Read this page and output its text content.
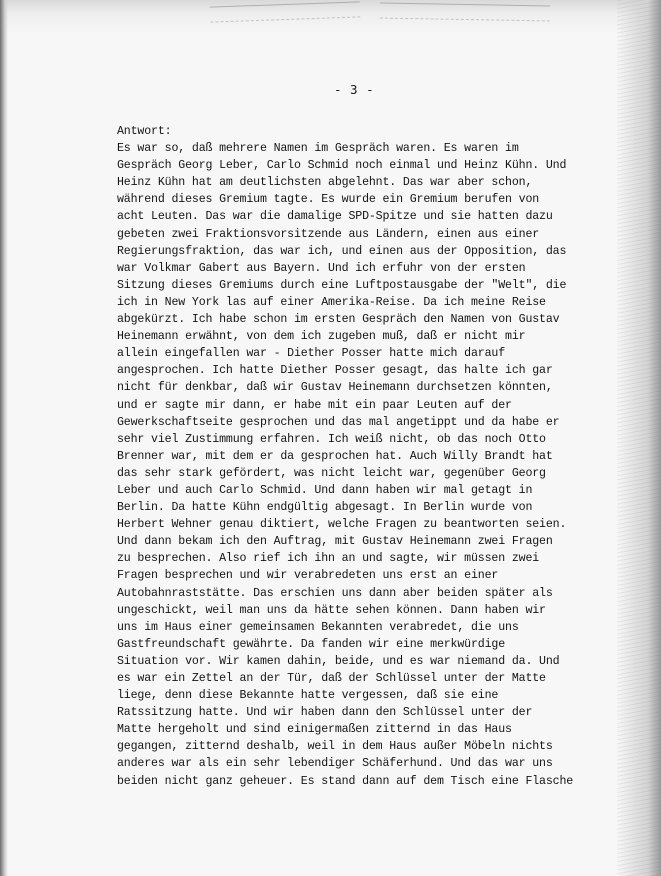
- 3 -
Antwort:
Es war so, daß mehrere Namen im Gespräch waren. Es waren im
Gespräch Georg Leber, Carlo Schmid noch einmal und Heinz Kühn. Und
Heinz Kühn hat am deutlichsten abgelehnt. Das war aber schon,
während dieses Gremium tagte. Es wurde ein Gremium berufen von
acht Leuten. Das war die damalige SPD-Spitze und sie hatten dazu
gebeten zwei Fraktionsvorsitzende aus Ländern, einen aus einer
Regierungsfraktion, das war ich, und einen aus der Opposition, das
war Volkmar Gabert aus Bayern. Und ich erfuhr von der ersten
Sitzung dieses Gremiums durch eine Luftpostausgabe der "Welt", die
ich in New York las auf einer Amerika-Reise. Da ich meine Reise
abgekürzt. Ich habe schon im ersten Gespräch den Namen von Gustav
Heinemann erwähnt, von dem ich zugeben muß, daß er nicht mir
allein eingefallen war - Diether Posser hatte mich darauf
angesprochen. Ich hatte Diether Posser gesagt, das halte ich gar
nicht für denkbar, daß wir Gustav Heinemann durchsetzen könnten,
und er sagte mir dann, er habe mit ein paar Leuten auf der
Gewerkschaftseite gesprochen und das mal angetippt und da habe er
sehr viel Zustimmung erfahren. Ich weiß nicht, ob das noch Otto
Brenner war, mit dem er da gesprochen hat. Auch Willy Brandt hat
das sehr stark gefördert, was nicht leicht war, gegenüber Georg
Leber und auch Carlo Schmid. Und dann haben wir mal getagt in
Berlin. Da hatte Kühn endgültig abgesagt. In Berlin wurde von
Herbert Wehner genau diktiert, welche Fragen zu beantworten seien.
Und dann bekam ich den Auftrag, mit Gustav Heinemann zwei Fragen
zu besprechen. Also rief ich ihn an und sagte, wir müssen zwei
Fragen besprechen und wir verabredeten uns erst an einer
Autobahnraststätte. Das erschien uns dann aber beiden später als
ungeschickt, weil man uns da hätte sehen können. Dann haben wir
uns im Haus einer gemeinsamen Bekannten verabredet, die uns
Gastfreundschaft gewährte. Da fanden wir eine merkwürdige
Situation vor. Wir kamen dahin, beide, und es war niemand da. Und
es war ein Zettel an der Tür, daß der Schlüssel unter der Matte
liege, denn diese Bekannte hatte vergessen, daß sie eine
Ratssitzung hatte. Und wir haben dann den Schlüssel unter der
Matte hergeholt und sind einigermaßen zitternd in das Haus
gegangen, zitternd deshalb, weil in dem Haus außer Möbeln nichts
anderes war als ein sehr lebendiger Schäferhund. Und das war uns
beiden nicht ganz geheuer. Es stand dann auf dem Tisch eine Flasche
